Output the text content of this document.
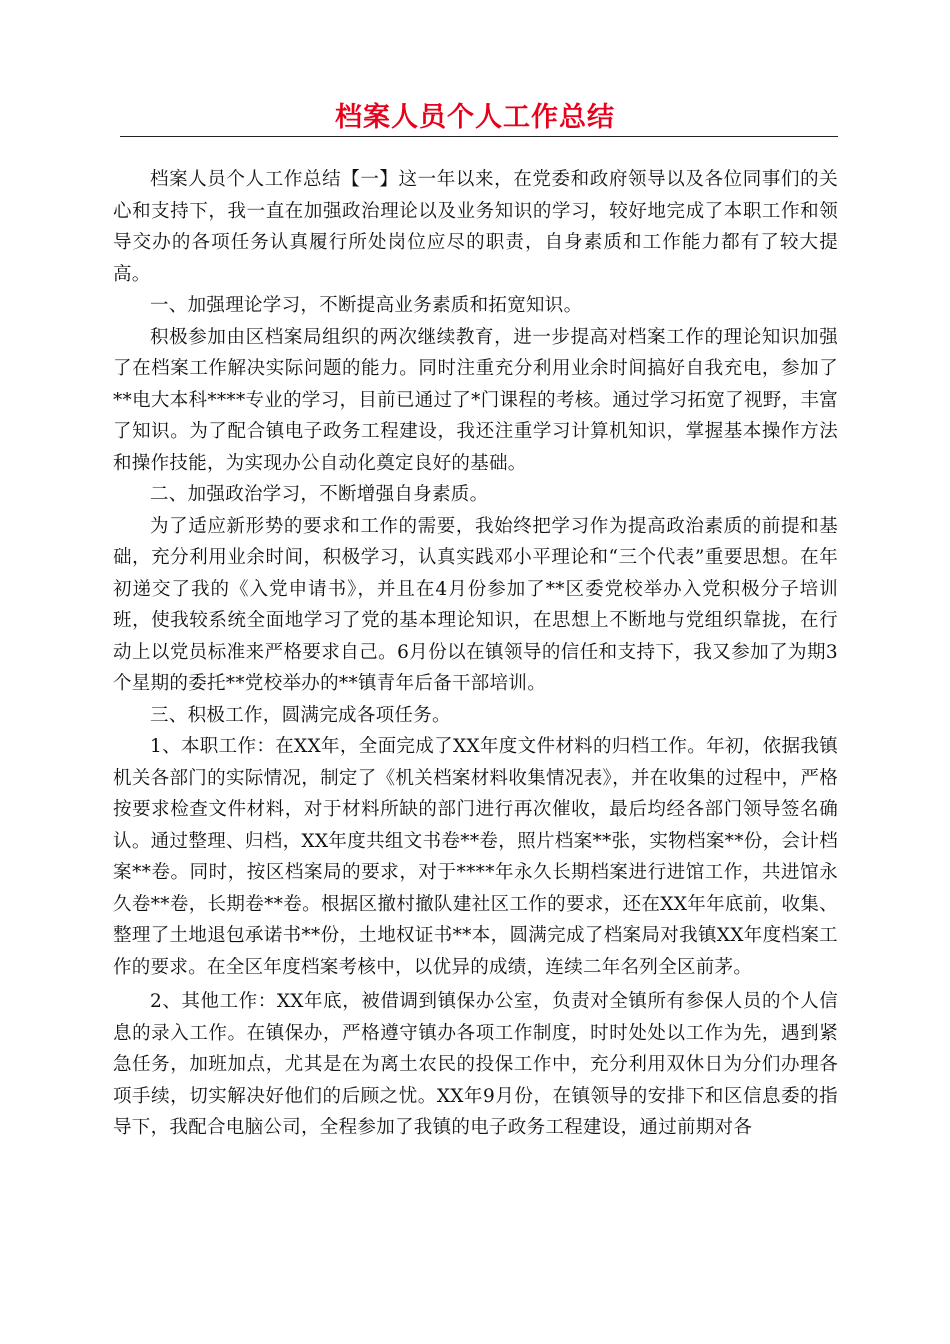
档案人员个人工作总结

档案人员个人工作总结【一】这一年以来，在党委和政府领导以及各位同事们的关心和支持下，我一直在加强政治理论以及业务知识的学习，较好地完成了本职工作和领导交办的各项任务认真履行所处岗位应尽的职责，自身素质和工作能力都有了较大提高。

一、加强理论学习，不断提高业务素质和拓宽知识。

积极参加由区档案局组织的两次继续教育，进一步提高对档案工作的理论知识加强了在档案工作解决实际问题的能力。同时注重充分利用业余时间搞好自我充电，参加了**电大本科****专业的学习，目前已通过了*门课程的考核。通过学习拓宽了视野，丰富了知识。为了配合镇电子政务工程建设，我还注重学习计算机知识，掌握基本操作方法和操作技能，为实现办公自动化奠定良好的基础。

二、加强政治学习，不断增强自身素质。

为了适应新形势的要求和工作的需要，我始终把学习作为提高政治素质的前提和基础，充分利用业余时间，积极学习，认真实践邓小平理论和“三个代表”重要思想。在年初递交了我的《入党申请书》，并且在4月份参加了**区委党校举办入党积极分子培训班，使我较系统全面地学习了党的基本理论知识，在思想上不断地与党组织靠拢，在行动上以党员标准来严格要求自己。6月份以在镇领导的信任和支持下，我又参加了为期3个星期的委托**党校举办的**镇青年后备干部培训。

三、积极工作，圆满完成各项任务。

1、本职工作：在XX年，全面完成了XX年度文件材料的归档工作。年初，依据我镇机关各部门的实际情况，制定了《机关档案材料收集情况表》，并在收集的过程中，严格按要求检查文件材料，对于材料所缺的部门进行再次催收，最后均经各部门领导签名确认。通过整理、归档，XX年度共组文书卷**卷，照片档案**张，实物档案**份，会计档案**卷。同时，按区档案局的要求，对于****年永久长期档案进行进馆工作，共进馆永久卷**卷，长期卷**卷。根据区撤村撤队建社区工作的要求，还在XX年年底前，收集、整理了土地退包承诺书**份，土地权证书**本，圆满完成了档案局对我镇XX年度档案工作的要求。在全区年度档案考核中，以优异的成绩，连续二年名列全区前茅。

2、其他工作：XX年底，被借调到镇保办公室，负责对全镇所有参保人员的个人信息的录入工作。在镇保办，严格遵守镇办各项工作制度，时时处处以工作为先，遇到紧急任务，加班加点，尤其是在为离土农民的投保工作中，充分利用双休日为分们办理各项手续，切实解决好他们的后顾之忧。XX年9月份，在镇领导的安排下和区信息委的指导下，我配合电脑公司，全程参加了我镇的电子政务工程建设，通过前期对各
